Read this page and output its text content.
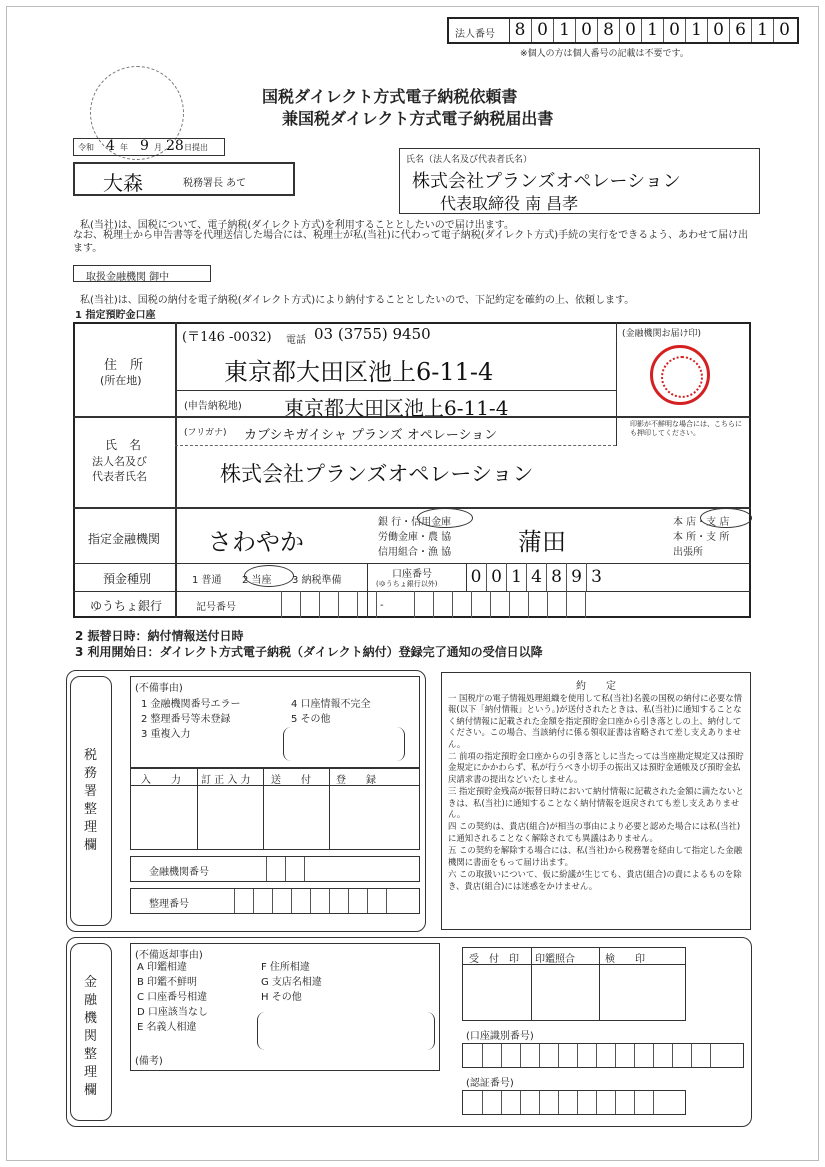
法人番号	8 0 1 0 8 0 1 0 1 0 6 1 0
※個人の方は個人番号の記載は不要です。
国税ダイレクト方式電子納税依頼書
兼国税ダイレクト方式電子納税届出書
令和 4 年 9 月 28 日提出
大森	税務署長 あて
氏名（法人名及び代表者氏名）
株式会社プランズオペレーション
代表取締役 南 昌孝
私(当社)は、国税について、電子納税(ダイレクト方式)を利用することとしたいので届け出ます。
なお、税理士から申告書等を代理送信した場合には、税理士が私(当社)に代わって電子納税(ダイレクト方式)手続の実行をできるよう、あわせて届け出ます。
取扱金融機関 御中
私(当社)は、国税の納付を電子納税(ダイレクト方式)により納付することとしたいので、下記約定を確約の上、依頼します。
1 指定預貯金口座
住　所
(所在地)
(〒146 -0032) 電話 03 (3755) 9450
東京都大田区池上6-11-4
(申告納税地) 東京都大田区池上6-11-4
(金融機関お届け印)
印影が不鮮明な場合には、こちらにも押印してください。
氏　名
法人名及び
代表者氏名
(フリガナ) カブシキガイシャ プランズ オペレーション
株式会社プランズオペレーション
指定金融機関 さわやか
銀 行・信用金庫
労働金庫・農 協
信用組合・漁 協	蒲田
本 店・支 店
本 所・支 所
出張所
預金種別	1 普通 2 当座 3 納税準備
口座番号
(ゆうちょ銀行以外) 0 0 1 4 8 9 3
ゆうちょ銀行	記号番号	-
2 振替日時：納付情報送付日時
3 利用開始日：ダイレクト方式電子納税（ダイレクト納付）登録完了通知の受信日以降
税務署整理欄
(不備事由)
1 金融機関番号エラー
2 整理番号等未登録
3 重複入力
4 口座情報不完全
5 その他
入　　力 訂 正 入 力 送　　付	登　　録
金融機関番号
整理番号
約　　定
一 国税庁の電子情報処理組織を使用して私(当社)名義の国税の納付に必要な情報(以下「納付情報」という。)が送付されたときは、私(当社)に通知することなく納付情報に記載された金額を指定預貯金口座から引き落としの上、納付してください。この場合、当該納付に係る領収証書は省略されて差し支えありません。
二 前項の指定預貯金口座からの引き落としに当たっては当座勘定規定又は預貯金規定にかかわらず、私が行うべき小切手の振出又は預貯金通帳及び預貯金払戻請求書の提出などいたしません。
三 指定預貯金残高が振替日時において納付情報に記載された金額に満たないときは、私(当社)に通知することなく納付情報を返戻されても差し支えありません。
四 この契約は、貴店(組合)が相当の事由により必要と認めた場合には私(当社)に通知されることなく解除されても異議はありません。
五 この契約を解除する場合には、私(当社)から税務署を経由して指定した金融機関に書面をもって届け出ます。
六 この取扱いについて、仮に紛議が生じても、貴店(組合)の責によるものを除き、貴店(組合)には迷惑をかけません。
金融機関整理欄
(不備返却事由)
A 印鑑相違
B 印鑑不鮮明
C 口座番号相違
D 口座該当なし
E 名義人相違
F 住所相違
G 支店名相違
H その他
(備考)
受　付　印 印鑑照合	検　　印
(口座識別番号)
(認証番号)
